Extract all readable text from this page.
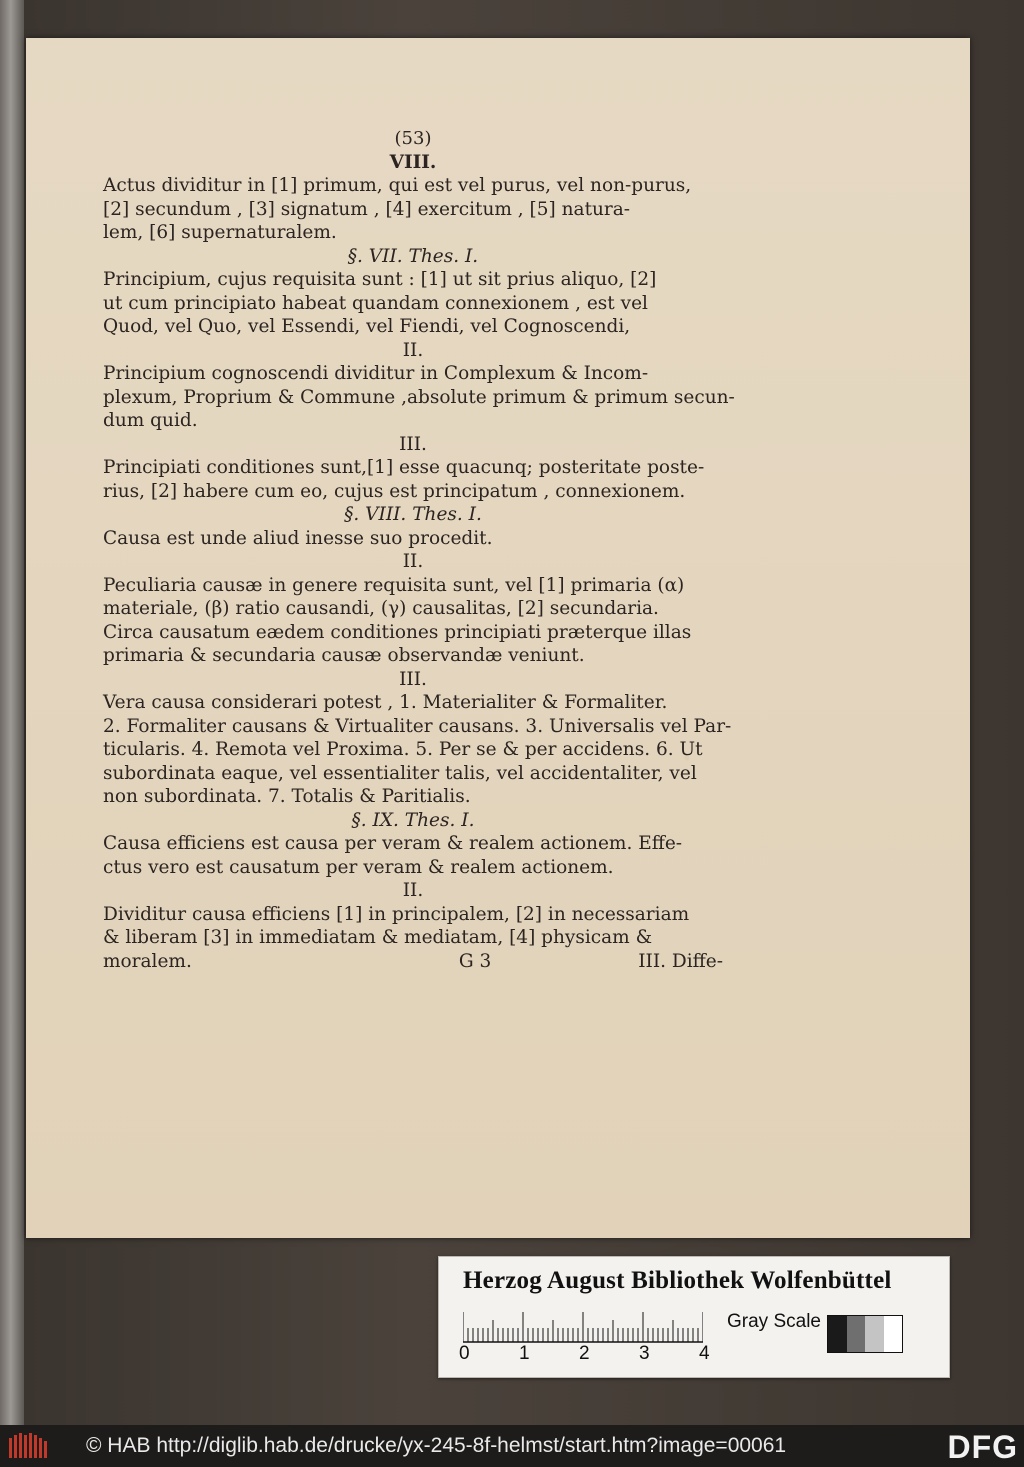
(53)
VIII.
Actus dividitur in [1] primum, qui est vel purus, vel non-purus,
[2] secundum , [3] signatum , [4] exercitum , [5] natura-
lem, [6] supernaturalem.
§. VII. Thes. I.
Principium, cujus requisita sunt : [1] ut sit prius aliquo, [2]
ut cum principiato habeat quandam connexionem , est vel
Quod, vel Quo, vel Essendi, vel Fiendi, vel Cognoscendi,
II.
Principium cognoscendi dividitur in Complexum & Incom-
plexum, Proprium & Commune ,absolute primum & primum secun-
dum quid.
III.
Principiati conditiones sunt,[1] esse quacunq; posteritate poste-
rius, [2] habere cum eo, cujus est principatum , connexionem.
§. VIII. Thes. I.
Causa est unde aliud inesse suo procedit.
II.
Peculiaria causæ in genere requisita sunt, vel [1] primaria (α)
materiale, (β) ratio causandi, (γ) causalitas, [2] secundaria.
Circa causatum eædem conditiones principiati præterque illas
primaria & secundaria causæ observandæ veniunt.
III.
Vera causa considerari potest , 1. Materialiter & Formaliter.
2. Formaliter causans & Virtualiter causans. 3. Universalis vel Par-
ticularis. 4. Remota vel Proxima. 5. Per se & per accidens. 6. Ut
subordinata eaque, vel essentialiter talis, vel accidentaliter, vel
non subordinata. 7. Totalis & Paritialis.
§. IX. Thes. I.
Causa efficiens est causa per veram & realem actionem. Effe-
ctus vero est causatum per veram & realem actionem.
II.
Dividitur causa efficiens [1] in principalem, [2] in necessariam
& liberam [3] in immediatam & mediatam, [4] physicam &
moralem.	G 3	III. Diffe-
Herzog August Bibliothek Wolfenbüttel
0	1	2	3	4
Gray Scale
© HAB http://diglib.hab.de/drucke/yx-245-8f-helmst/start.htm?image=00061	DFG
